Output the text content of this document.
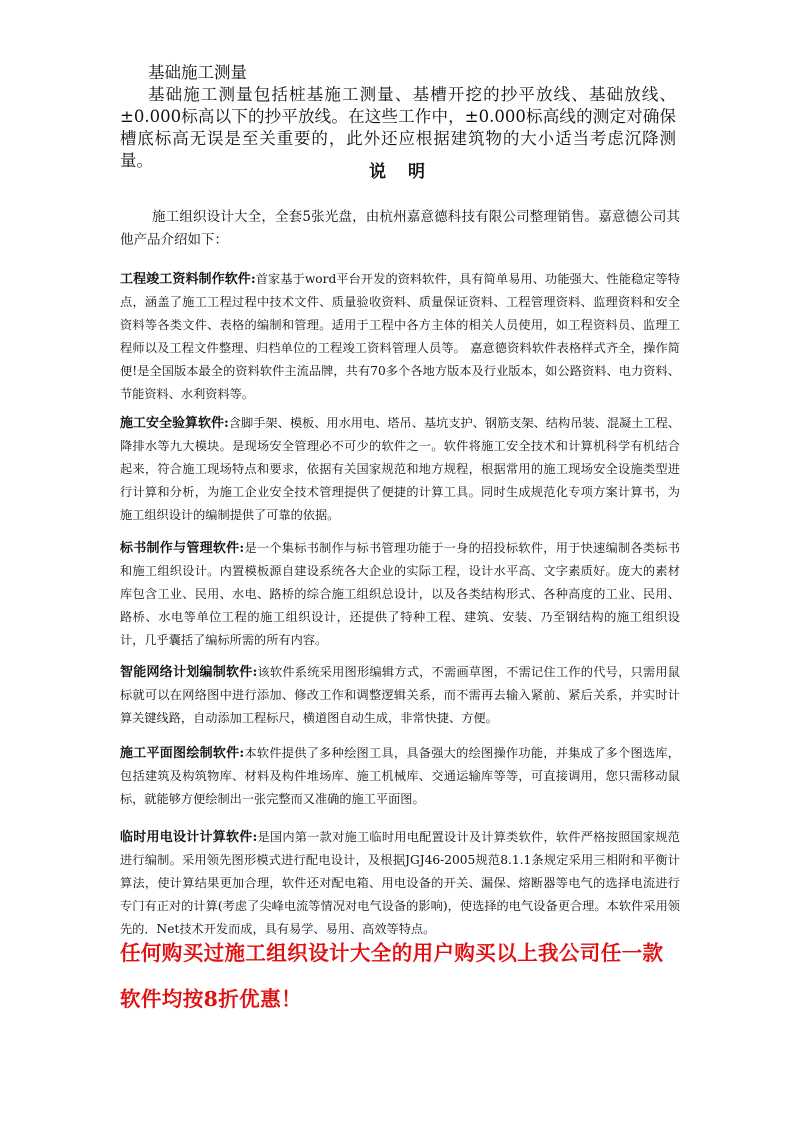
基础施工测量
基础施工测量包括桩基施工测量、基槽开挖的抄平放线、基础放线、±0.000标高以下的抄平放线。在这些工作中，±0.000标高线的测定对确保槽底标高无误是至关重要的，此外还应根据建筑物的大小适当考虑沉降测量。
说明
施工组织设计大全，全套5张光盘，由杭州嘉意德科技有限公司整理销售。嘉意德公司其他产品介绍如下：
工程竣工资料制作软件:首家基于word平台开发的资料软件，具有简单易用、功能强大、性能稳定等特点，涵盖了施工工程过程中技术文件、质量验收资料、质量保证资料、工程管理资料、监理资料和安全资料等各类文件、表格的编制和管理。适用于工程中各方主体的相关人员使用，如工程资料员、监理工程师以及工程文件整理、归档单位的工程竣工资料管理人员等。 嘉意德资料软件表格样式齐全，操作简便!是全国版本最全的资料软件主流品牌，共有70多个各地方版本及行业版本，如公路资料、电力资料、节能资料、水利资料等。
施工安全验算软件:含脚手架、模板、用水用电、塔吊、基坑支护、钢筋支架、结构吊装、混凝土工程、降排水等九大模块。是现场安全管理必不可少的软件之一。软件将施工安全技术和计算机科学有机结合起来，符合施工现场特点和要求，依据有关国家规范和地方规程，根据常用的施工现场安全设施类型进行计算和分析，为施工企业安全技术管理提供了便捷的计算工具。同时生成规范化专项方案计算书，为施工组织设计的编制提供了可靠的依据。
标书制作与管理软件:是一个集标书制作与标书管理功能于一身的招投标软件，用于快速编制各类标书和施工组织设计。内置模板源自建设系统各大企业的实际工程，设计水平高、文字素质好。庞大的素材库包含工业、民用、水电、路桥的综合施工组织总设计，以及各类结构形式、各种高度的工业、民用、路桥、水电等单位工程的施工组织设计，还提供了特种工程、建筑、安装、乃至钢结构的施工组织设计，几乎囊括了编标所需的所有内容。
智能网络计划编制软件:该软件系统采用图形编辑方式，不需画草图，不需记住工作的代号，只需用鼠标就可以在网络图中进行添加、修改工作和调整逻辑关系，而不需再去输入紧前、紧后关系，并实时计算关键线路，自动添加工程标尺，横道图自动生成，非常快捷、方便。
施工平面图绘制软件:本软件提供了多种绘图工具，具备强大的绘图操作功能，并集成了多个图选库，包括建筑及构筑物库、材料及构件堆场库、施工机械库、交通运输库等等，可直接调用，您只需移动鼠标，就能够方便绘制出一张完整而又准确的施工平面图。
临时用电设计计算软件:是国内第一款对施工临时用电配置设计及计算类软件，软件严格按照国家规范进行编制。采用领先图形模式进行配电设计，及根据JGJ46-2005规范8.1.1条规定采用三相附和平衡计算法，使计算结果更加合理，软件还对配电箱、用电设备的开关、漏保、熔断器等电气的选择电流进行专门有正对的计算(考虑了尖峰电流等情况对电气设备的影响)，使选择的电气设备更合理。本软件采用领先的．Net技术开发而成，具有易学、易用、高效等特点。
任何购买过施工组织设计大全的用户购买以上我公司任一款软件均按8折优惠！
